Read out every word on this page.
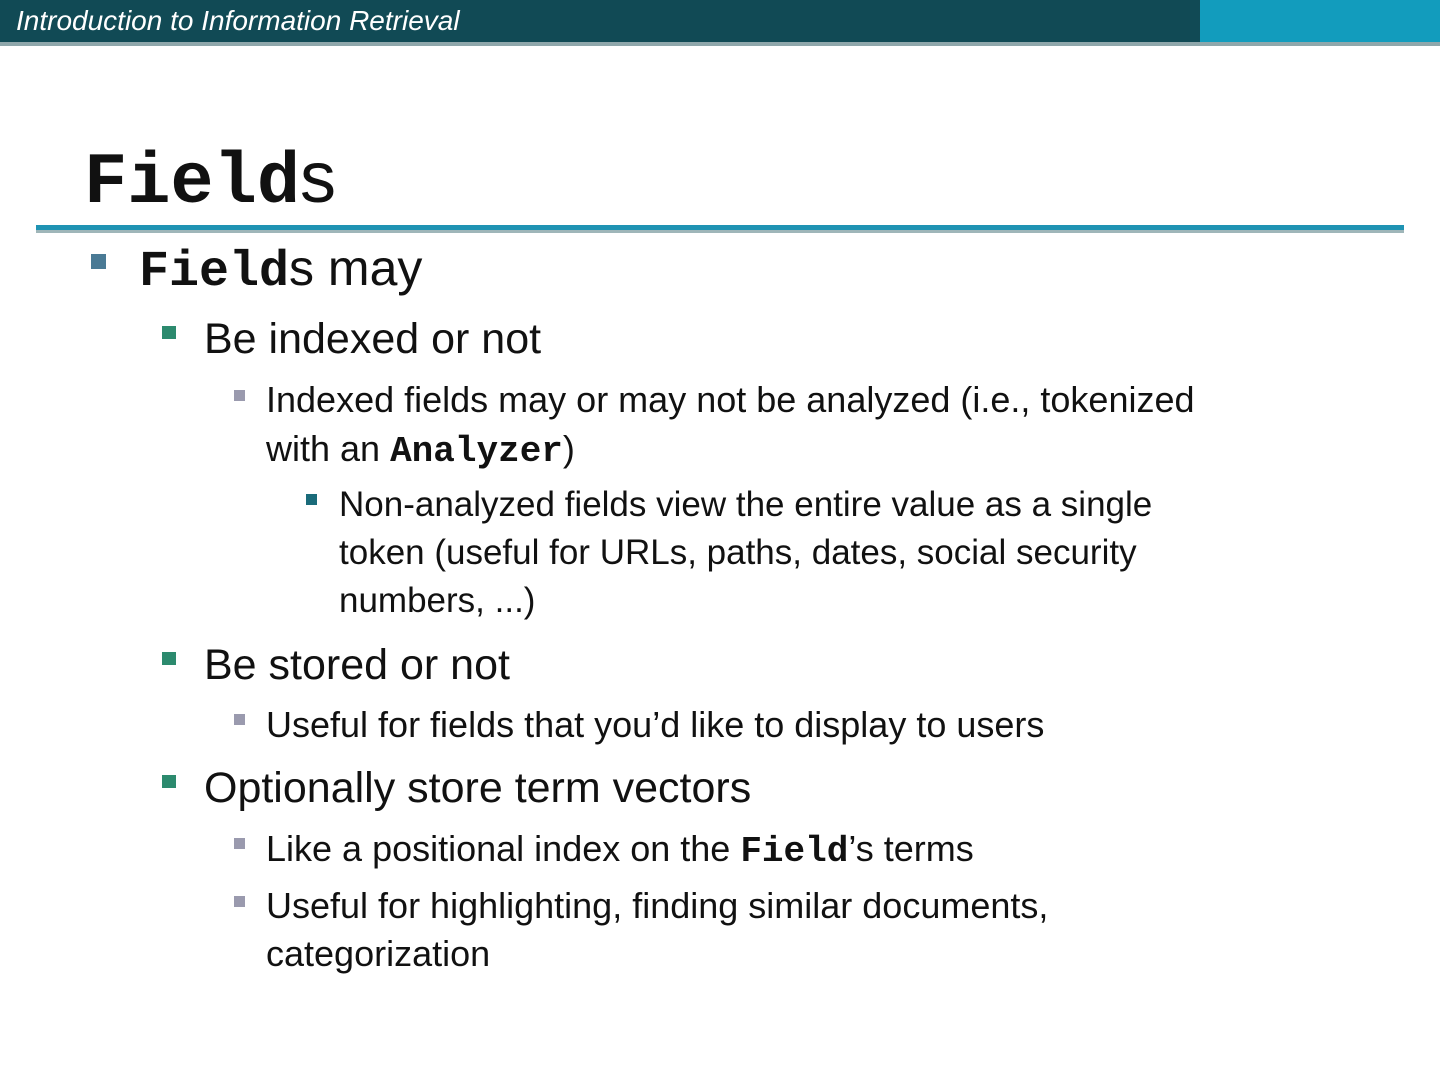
Introduction to Information Retrieval
Fields
Fields may
Be indexed or not
Indexed fields may or may not be analyzed (i.e., tokenized
with an Analyzer)
Non-analyzed fields view the entire value as a single
token (useful for URLs, paths, dates, social security
numbers, ...)
Be stored or not
Useful for fields that you’d like to display to users
Optionally store term vectors
Like a positional index on the Field’s terms
Useful for highlighting, finding similar documents,
categorization
